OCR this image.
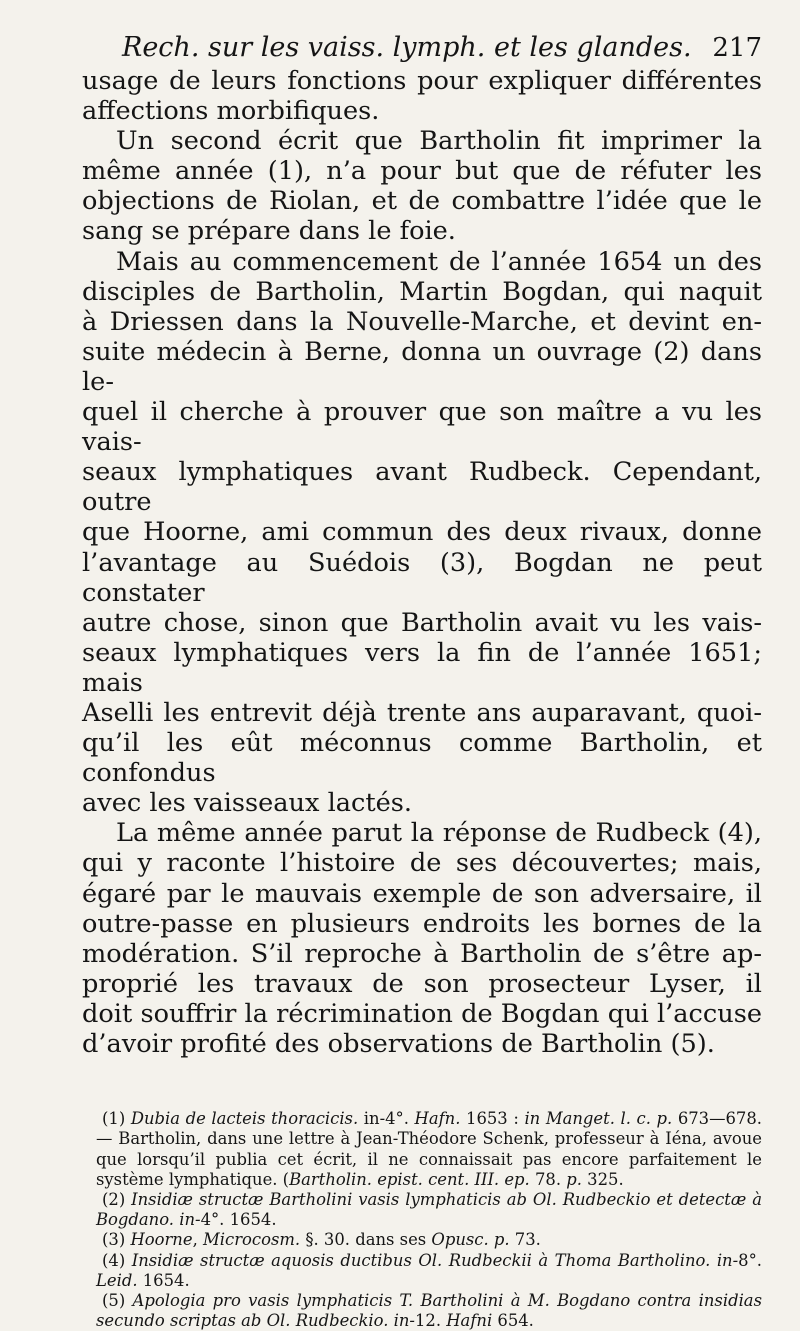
Rech. sur les vaiss. lymph. et les glandes. 217

usage de leurs fonctions pour expliquer différentes

affections morbifiques.

Un second écrit que Bartholin fit imprimer la

même année (1), n’a pour but que de réfuter les

objections de Riolan, et de combattre l’idée que le

sang se prépare dans le foie.

Mais au commencement de l’année 1654 un des

disciples de Bartholin, Martin Bogdan, qui naquit

à Driessen dans la Nouvelle-Marche, et devint en-

suite médecin à Berne, donna un ouvrage (2) dans le-

quel il cherche à prouver que son maître a vu les vais-

seaux lymphatiques avant Rudbeck. Cependant, outre

que Hoorne, ami commun des deux rivaux, donne

l’avantage au Suédois (3), Bogdan ne peut constater

autre chose, sinon que Bartholin avait vu les vais-

seaux lymphatiques vers la fin de l’année 1651; mais

Aselli les entrevit déjà trente ans auparavant, quoi-

qu’il les eût méconnus comme Bartholin, et confondus

avec les vaisseaux lactés.

La même année parut la réponse de Rudbeck (4),

qui y raconte l’histoire de ses découvertes; mais,

égaré par le mauvais exemple de son adversaire, il

outre-passe en plusieurs endroits les bornes de la

modération. S’il reproche à Bartholin de s’être ap-

proprié les travaux de son prosecteur Lyser, il

doit souffrir la récrimination de Bogdan qui l’accuse

d’avoir profité des observations de Bartholin (5).

(1) Dubia de lacteis thoracicis. in-4°. Hafn. 1653 : in Manget. l. c. p. 673—678. — Bartholin, dans une lettre à Jean-Théodore Schenk, professeur à Iéna, avoue que lorsqu’il publia cet écrit, il ne connaissait pas encore parfaitement le système lymphatique. (Bartholin. epist. cent. III. ep. 78. p. 325.

(2) Insidiæ structæ Bartholini vasis lymphaticis ab Ol. Rudbeckio et detectæ à Bogdano. in-4°. 1654.

(3) Hoorne, Microcosm. §. 30. dans ses Opusc. p. 73.

(4) Insidiæ structæ aquosis ductibus Ol. Rudbeckii à Thoma Bartholino. in-8°. Leid. 1654.

(5) Apologia pro vasis lymphaticis T. Bartholini à M. Bogdano contra insidias secundo scriptas ab Ol. Rudbeckio. in-12. Hafni 654.
